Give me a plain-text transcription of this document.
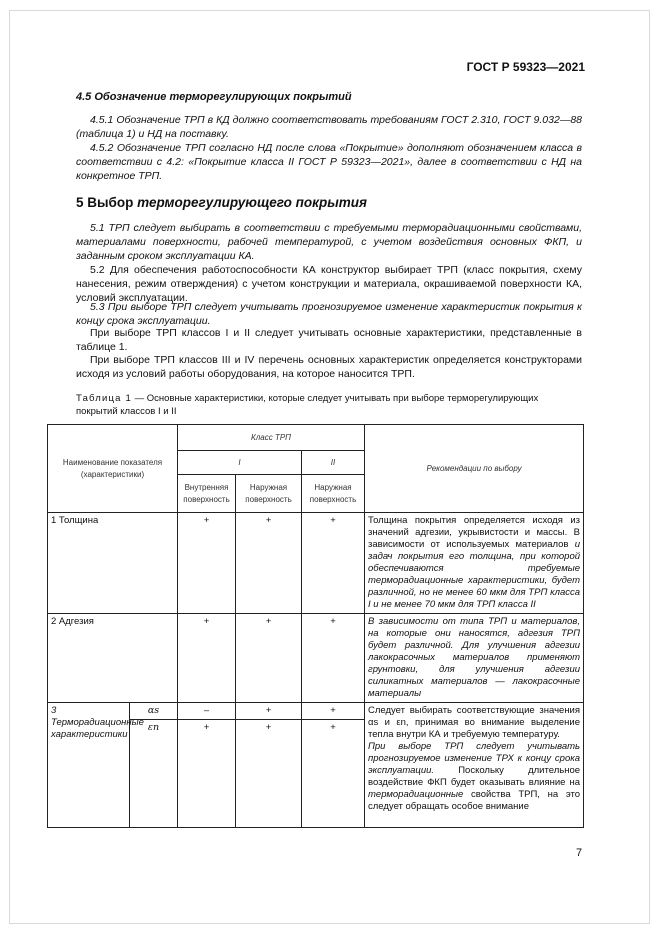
ГОСТ Р 59323—2021
4.5 Обозначение терморегулирующих покрытий
4.5.1 Обозначение ТРП в КД должно соответствовать требованиям ГОСТ 2.310, ГОСТ 9.032—88 (таблица 1) и НД на поставку.
4.5.2 Обозначение ТРП согласно НД после слова «Покрытие» дополняют обозначением класса в соответствии с 4.2: «Покрытие класса II ГОСТ Р 59323—2021», далее в соответствии с НД на конкретное ТРП.
5 Выбор терморегулирующего покрытия
5.1 ТРП следует выбирать в соответствии с требуемыми терморадиационными свойствами, материалами поверхности, рабочей температурой, с учетом воздействия основных ФКП, и заданным сроком эксплуатации КА.
5.2 Для обеспечения работоспособности КА конструктор выбирает ТРП (класс покрытия, схему нанесения, режим отверждения) с учетом конструкции и материала, окрашиваемой поверхности КА, условий эксплуатации.
5.3 При выборе ТРП следует учитывать прогнозируемое изменение характеристик покрытия к концу срока эксплуатации.
При выборе ТРП классов I и II следует учитывать основные характеристики, представленные в таблице 1.
При выборе ТРП классов III и IV перечень основных характеристик определяется конструкторами исходя из условий работы оборудования, на которое наносится ТРП.
Таблица 1 — Основные характеристики, которые следует учитывать при выборе терморегулирующих покрытий классов I и II
Наименование показателя (характеристики)		Класс ТРП			Рекомендации по выбору
		I		II	
		Внутренняя поверхность	Наружная поверхность	Наружная поверхность	
1 Толщина		+	+	+	Толщина покрытия определяется исходя из значений адгезии, укрывистости и массы. В зависимости от используемых материалов и задач покрытия его толщина, при которой обеспечиваются требуемые терморадиационные характеристики, будет различной, но не менее 60 мкм для ТРП класса I и не менее 70 мкм для ТРП класса II
2 Адгезия		+	+	+	В зависимости от типа ТРП и материалов, на которые они наносятся, адгезия ТРП будет различной. Для улучшения адгезии лакокрасочных материалов применяют грунтовки, для улучшения адгезии силикатных материалов — лакокрасочные материалы
3 Терморадиационные характеристики	αs	–	+	+	Следует выбирать соответствующие значения αs и εn, принимая во внимание выделение тепла внутри КА и требуемую температуру.
При выборе ТРП следует учитывать прогнозируемое изменение ТРХ к концу срока эксплуатации. Поскольку длительное воздействие ФКП будет оказывать влияние на терморадиационные свойства ТРП, на это следует обращать особое внимание
	εn	+	+	+	
7
